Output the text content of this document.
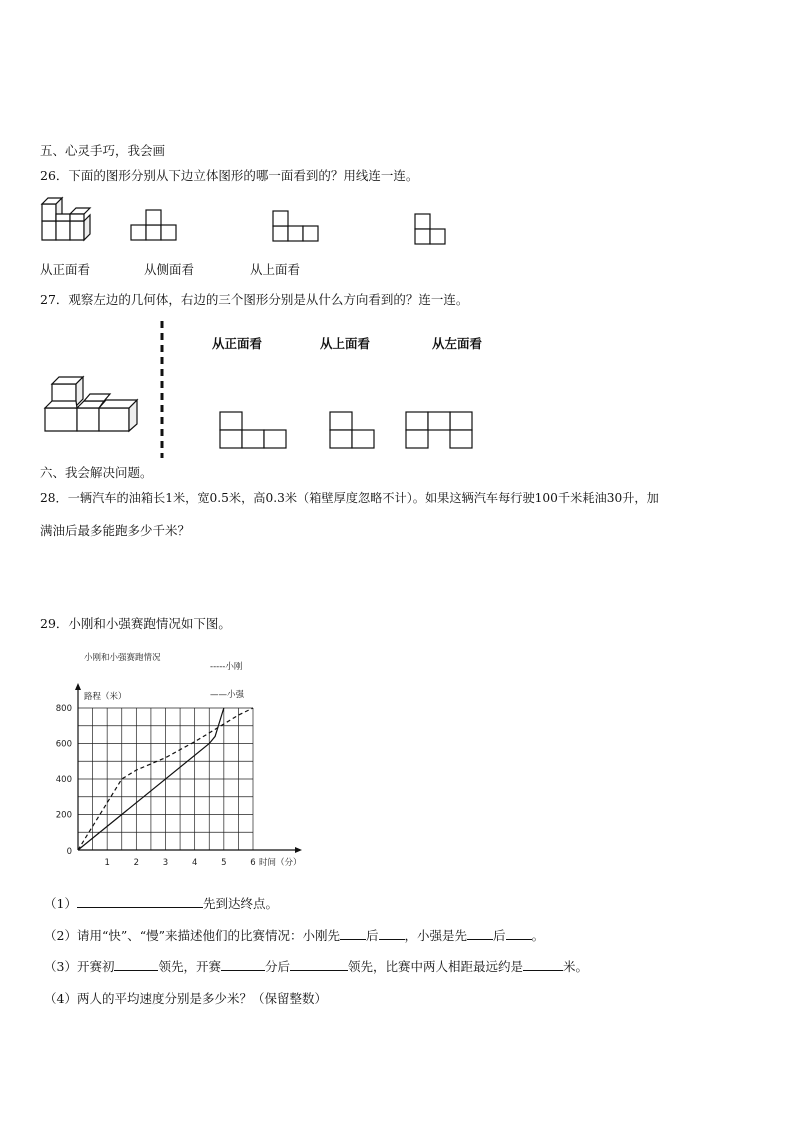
五、心灵手巧，我会画
26．下面的图形分别从下边立体图形的哪一面看到的？用线连一连。
从正面看	从侧面看	从上面看
27．观察左边的几何体，右边的三个图形分别是从什么方向看到的？连一连。
从正面看	从上面看	从左面看
六、我会解决问题。
28．一辆汽车的油箱长1米，宽0.5米，高0.3米（箱壁厚度忽略不计）。如果这辆汽车每行驶100千米耗油30升，加
满油后最多能跑多少千米？
29．小刚和小强赛跑情况如下图。
小刚和小强赛跑情况
-----小刚
——小强
路程（米）
800
600
400
200
1	2	3	4	5	6
0
时间（分）
（1）	先到达终点。
（2）请用“快”、“慢”来描述他们的比赛情况：小刚先 后 ，小强是先 后 。
（3）开赛初	领先，开赛	分后	领先，比赛中两人相距最远约是	米。
（4）两人的平均速度分别是多少米？（保留整数）
